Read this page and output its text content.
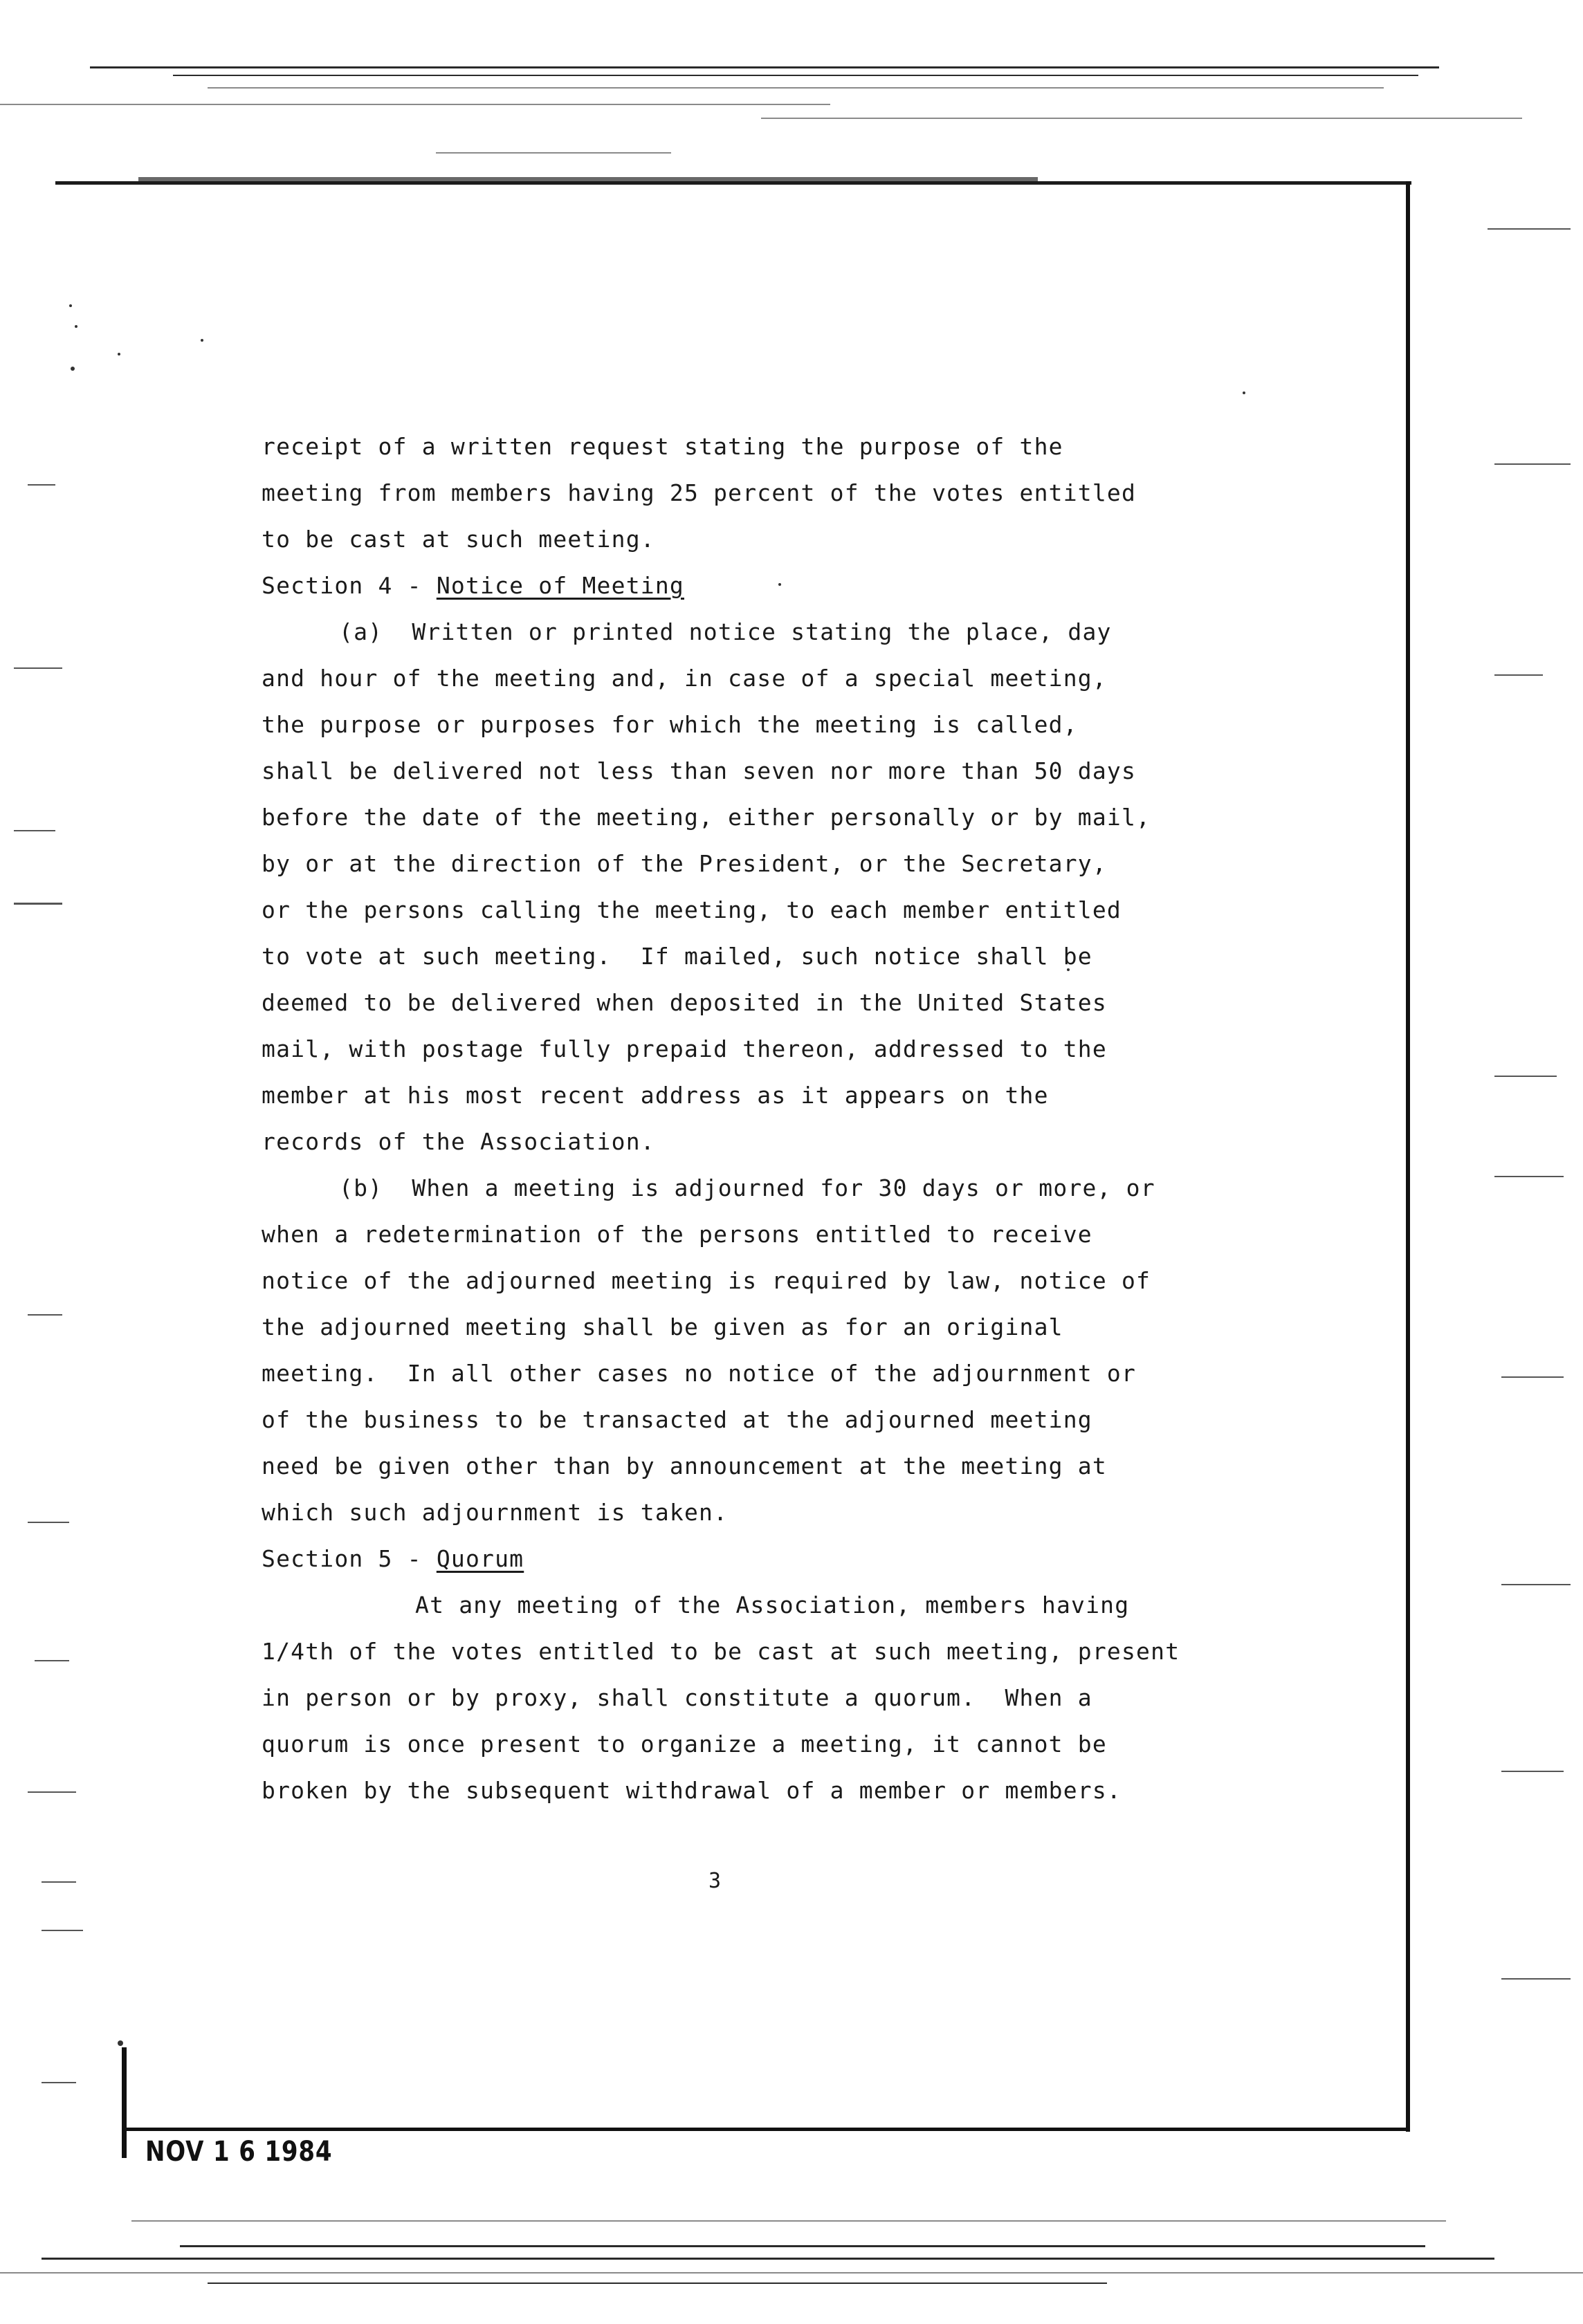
receipt of a written request stating the purpose of the
meeting from members having 25 percent of the votes entitled
to be cast at such meeting.
Section 4 - Notice of Meeting
(a)  Written or printed notice stating the place, day
and hour of the meeting and, in case of a special meeting,
the purpose or purposes for which the meeting is called,
shall be delivered not less than seven nor more than 50 days
before the date of the meeting, either personally or by mail,
by or at the direction of the President, or the Secretary,
or the persons calling the meeting, to each member entitled
to vote at such meeting.  If mailed, such notice shall be
deemed to be delivered when deposited in the United States
mail, with postage fully prepaid thereon, addressed to the
member at his most recent address as it appears on the
records of the Association.
(b)  When a meeting is adjourned for 30 days or more, or
when a redetermination of the persons entitled to receive
notice of the adjourned meeting is required by law, notice of
the adjourned meeting shall be given as for an original
meeting.  In all other cases no notice of the adjournment or
of the business to be transacted at the adjourned meeting
need be given other than by announcement at the meeting at
which such adjournment is taken.
Section 5 - Quorum
At any meeting of the Association, members having
1/4th of the votes entitled to be cast at such meeting, present
in person or by proxy, shall constitute a quorum.  When a
quorum is once present to organize a meeting, it cannot be
broken by the subsequent withdrawal of a member or members.
3
NOV 1 6 1984
